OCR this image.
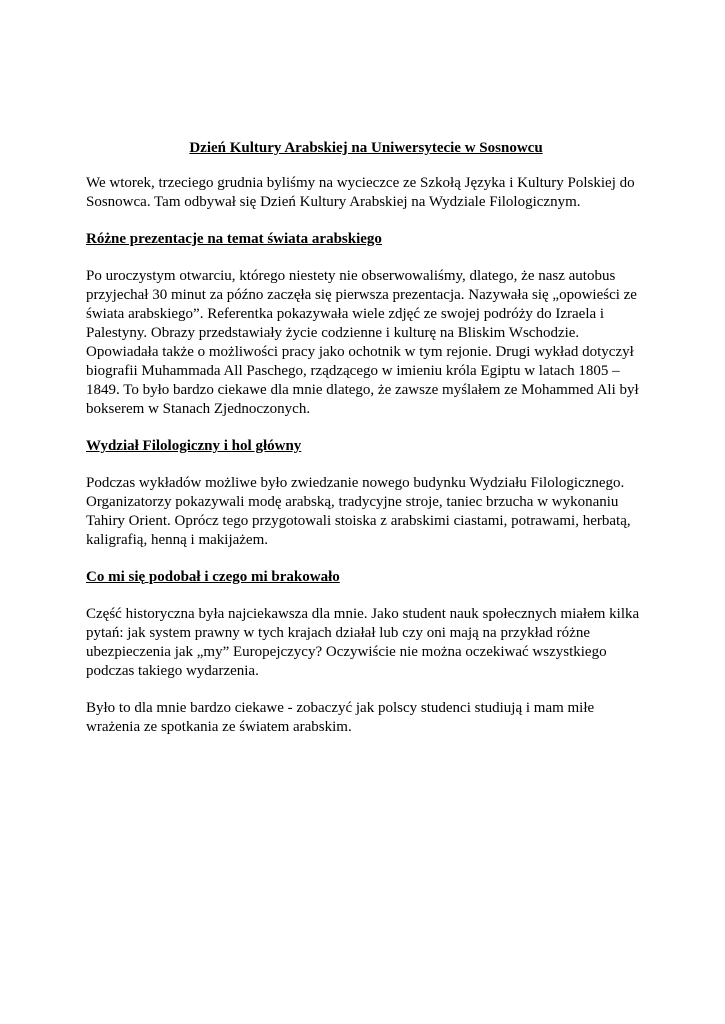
Dzień Kultury Arabskiej na Uniwersytecie w Sosnowcu

We wtorek, trzeciego grudnia byliśmy na wycieczce ze Szkołą Języka i Kultury Polskiej do Sosnowca. Tam odbywał się Dzień Kultury Arabskiej na Wydziale Filologicznym.

Różne prezentacje na temat świata arabskiego

Po uroczystym otwarciu, którego niestety nie obserwowaliśmy, dlatego, że nasz autobus przyjechał 30 minut za późno zaczęła się pierwsza prezentacja. Nazywała się „opowieści ze świata arabskiego”. Referentka pokazywała wiele zdjęć ze swojej podróży do Izraela i Palestyny. Obrazy przedstawiały życie codzienne i kulturę na Bliskim Wschodzie. Opowiadała także o możliwości pracy jako ochotnik w tym rejonie. Drugi wykład dotyczył biografii Muhammada All Paschego, rządzącego w imieniu króla Egiptu w latach 1805 – 1849. To było bardzo ciekawe dla mnie dlatego, że zawsze myślałem ze Mohammed Ali był bokserem w Stanach Zjednoczonych.

Wydział Filologiczny i hol główny

Podczas wykładów możliwe było zwiedzanie nowego budynku Wydziału Filologicznego. Organizatorzy pokazywali modę arabską, tradycyjne stroje, taniec brzucha w wykonaniu Tahiry Orient. Oprócz tego przygotowali stoiska z arabskimi ciastami, potrawami, herbatą, kaligrafią, henną i makijażem.

Co mi się podobał i czego mi brakowało

Część historyczna była najciekawsza dla mnie. Jako student nauk społecznych miałem kilka pytań: jak system prawny w tych krajach działał lub czy oni mają na przykład różne ubezpieczenia jak „my” Europejczycy? Oczywiście nie można oczekiwać wszystkiego podczas takiego wydarzenia.

Było to dla mnie bardzo ciekawe - zobaczyć jak polscy studenci studiują i mam miłe wrażenia ze spotkania ze światem arabskim.
